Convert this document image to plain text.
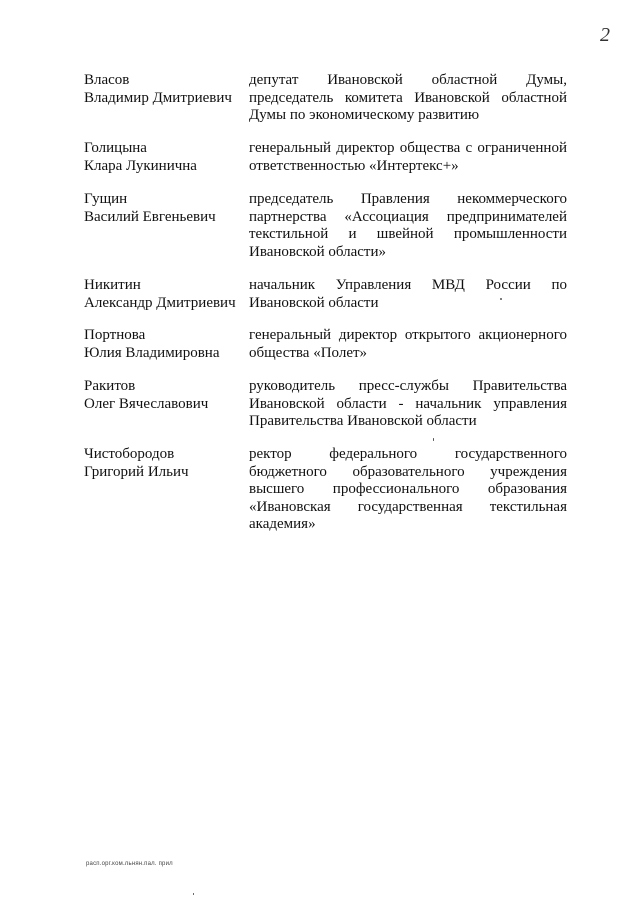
2
Власов
Владимир Дмитриевич
депутат Ивановской областной Думы, председатель комитета Ивановской областной Думы по экономическому развитию
Голицына
Клара Лукинична
генеральный директор общества с ограниченной ответственностью «Интертекс+»
Гущин
Василий Евгеньевич
председатель Правления некоммерческого партнерства «Ассоциация предпринимателей текстильной и швейной промышленности Ивановской области»
Никитин
Александр Дмитриевич
начальник Управления МВД России по Ивановской области
Портнова
Юлия Владимировна
генеральный директор открытого акционерного общества «Полет»
Ракитов
Олег Вячеславович
руководитель пресс-службы Правительства Ивановской области - начальник управления Правительства Ивановской области
Чистобородов
Григорий Ильич
ректор федерального государственного бюджетного образовательного учреждения высшего профессионального образования «Ивановская государственная текстильная академия»
расп.орг.ком.льнян.пал. прил
